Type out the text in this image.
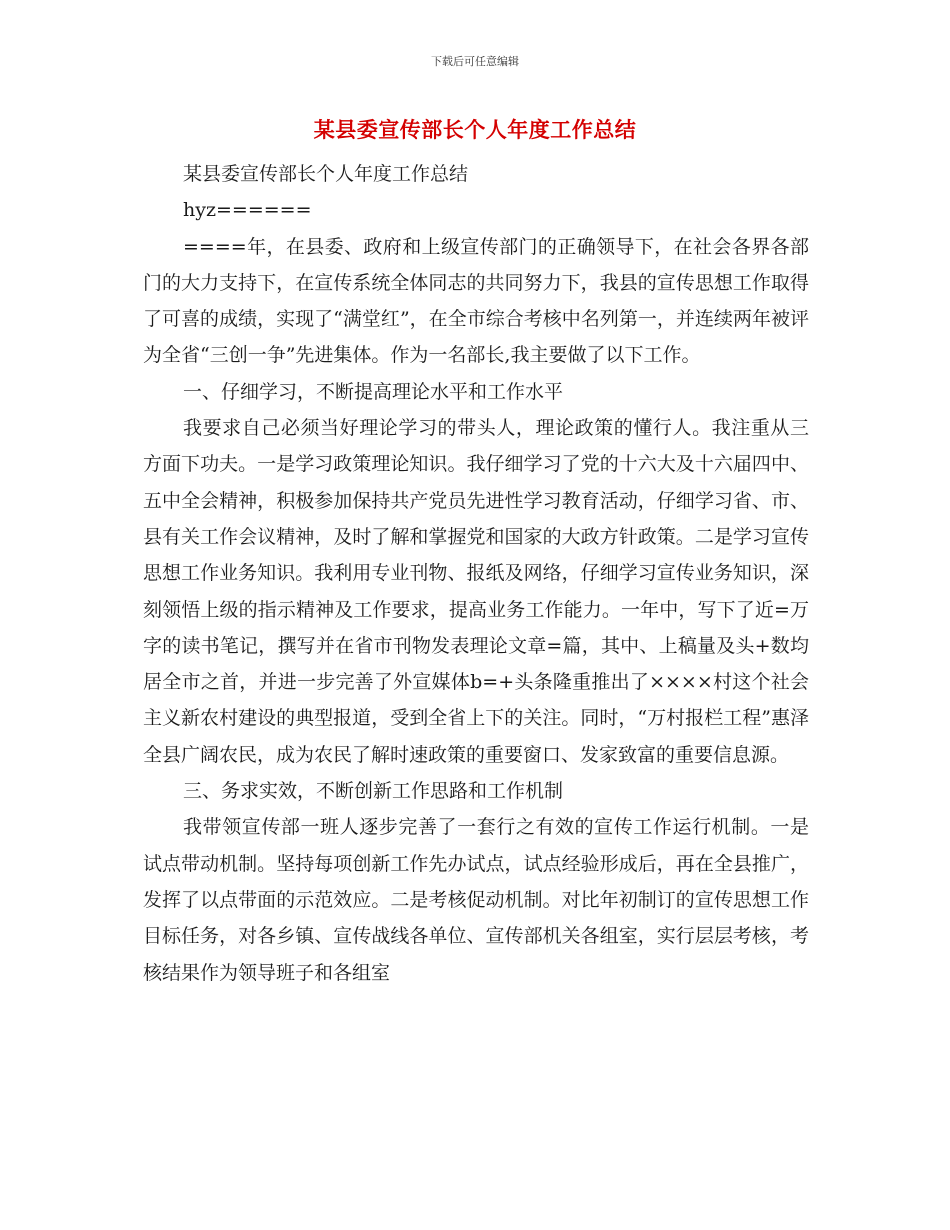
下载后可任意编辑
某县委宣传部长个人年度工作总结

某县委宣传部长个人年度工作总结

hyz======

====年，在县委、政府和上级宣传部门的正确领导下，在社会各界各部门的大力支持下，在宣传系统全体同志的共同努力下，我县的宣传思想工作取得了可喜的成绩，实现了“满堂红”，在全市综合考核中名列第一，并连续两年被评为全省“三创一争”先进集体。作为一名部长,我主要做了以下工作。

一、仔细学习，不断提高理论水平和工作水平

我要求自己必须当好理论学习的带头人，理论政策的懂行人。我注重从三方面下功夫。一是学习政策理论知识。我仔细学习了党的十六大及十六届四中、五中全会精神，积极参加保持共产党员先进性学习教育活动，仔细学习省、市、县有关工作会议精神，及时了解和掌握党和国家的大政方针政策。二是学习宣传思想工作业务知识。我利用专业刊物、报纸及网络，仔细学习宣传业务知识，深刻领悟上级的指示精神及工作要求，提高业务工作能力。一年中，写下了近=万字的读书笔记，撰写并在省市刊物发表理论文章=篇，其中、上稿量及头+数均居全市之首，并进一步完善了外宣媒体b=+头条隆重推出了××××村这个社会主义新农村建设的典型报道，受到全省上下的关注。同时，“万村报栏工程”惠泽全县广阔农民，成为农民了解时速政策的重要窗口、发家致富的重要信息源。

三、务求实效，不断创新工作思路和工作机制

我带领宣传部一班人逐步完善了一套行之有效的宣传工作运行机制。一是试点带动机制。坚持每项创新工作先办试点，试点经验形成后，再在全县推广，发挥了以点带面的示范效应。二是考核促动机制。对比年初制订的宣传思想工作目标任务，对各乡镇、宣传战线各单位、宣传部机关各组室，实行层层考核，考核结果作为领导班子和各组室
